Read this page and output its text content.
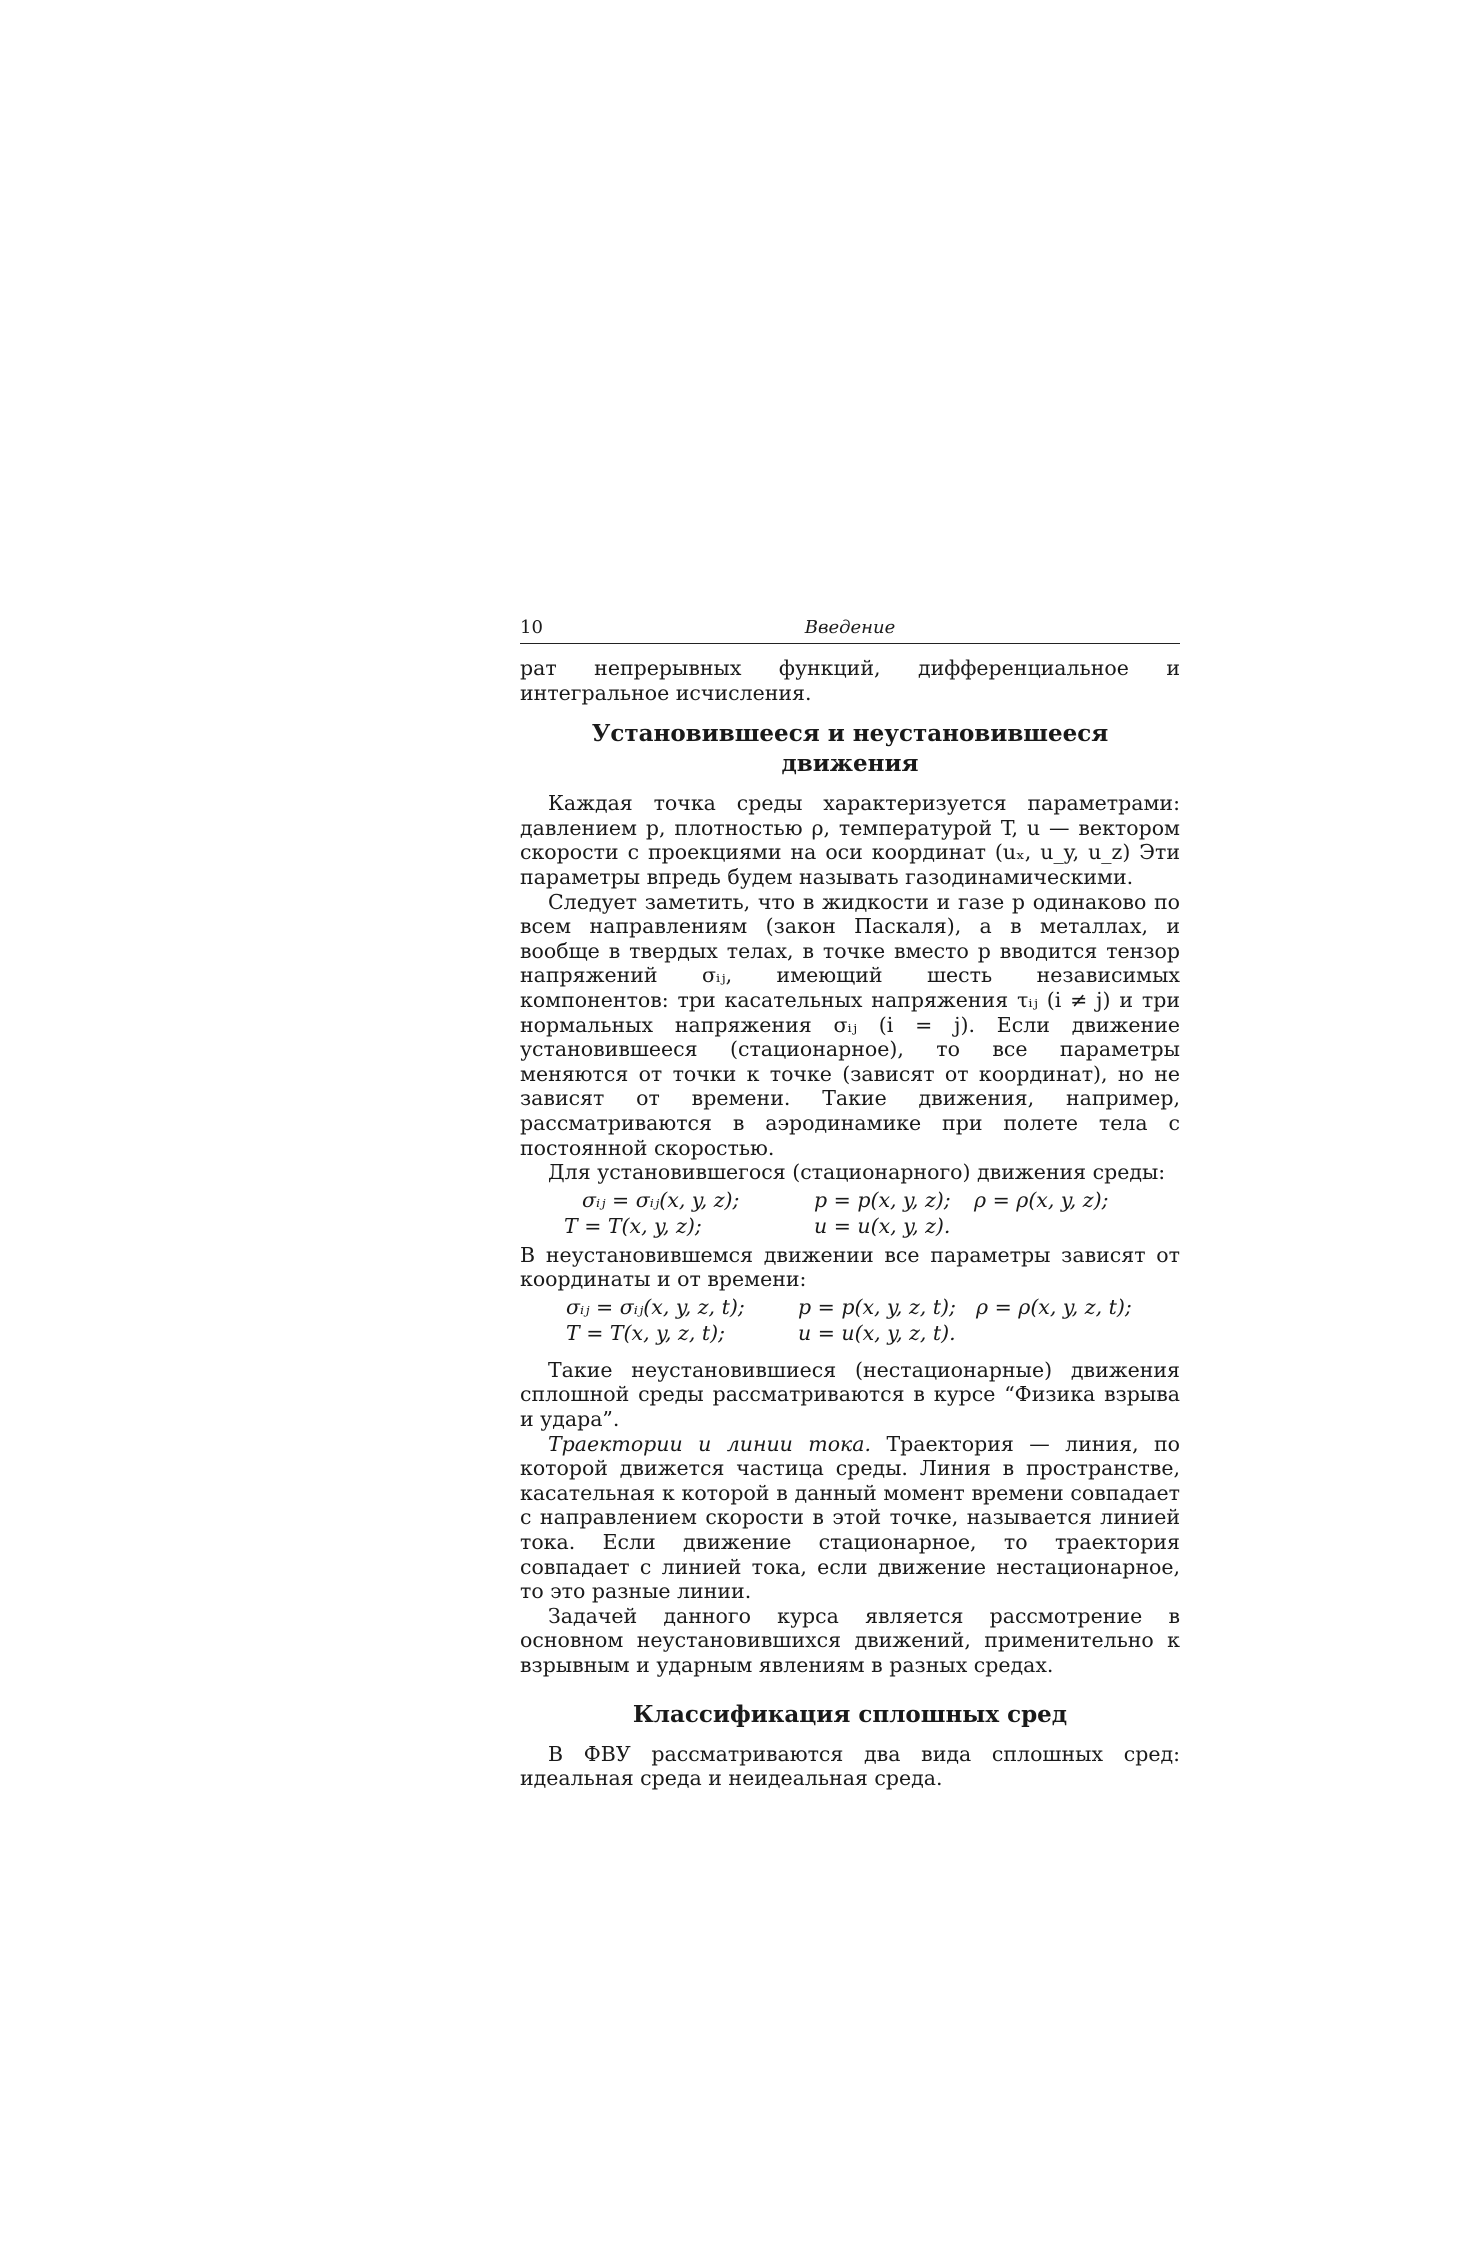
10	Введение

рат непрерывных функций, дифференциальное и интегральное исчисления.

Установившееся и неустановившееся движения

Каждая точка среды характеризуется параметрами: давлением p, плотностью ρ, температурой T, u — вектором скорости с проекциями на оси координат (uₓ, u_y, u_z) Эти параметры впредь будем называть газодинамическими.

Следует заметить, что в жидкости и газе p одинаково по всем направлениям (закон Паскаля), а в металлах, и вообще в твердых телах, в точке вместо p вводится тензор напряжений σᵢⱼ, имеющий шесть независимых компонентов: три касательных напряжения τᵢⱼ (i ≠ j) и три нормальных напряжения σᵢⱼ (i = j). Если движение установившееся (стационарное), то все параметры меняются от точки к точке (зависят от координат), но не зависят от времени. Такие движения, например, рассматриваются в аэродинамике при полете тела с постоянной скоростью.

Для установившегося (стационарного) движения среды:

σᵢⱼ = σᵢⱼ(x, y, z);	p = p(x, y, z);	ρ = ρ(x, y, z);
T = T(x, y, z);	u = u(x, y, z).

В неустановившемся движении все параметры зависят от координаты и от времени:

σᵢⱼ = σᵢⱼ(x, y, z, t);	p = p(x, y, z, t); ρ = ρ(x, y, z, t);
T = T(x, y, z, t);	u = u(x, y, z, t).

Такие неустановившиеся (нестационарные) движения сплошной среды рассматриваются в курсе “Физика взрыва и удара”.

Траектории и линии тока. Траектория — линия, по которой движется частица среды. Линия в пространстве, касательная к которой в данный момент времени совпадает с направлением скорости в этой точке, называется линией тока. Если движение стационарное, то траектория совпадает с линией тока, если движение нестационарное, то это разные линии.

Задачей данного курса является рассмотрение в основном неустановившихся движений, применительно к взрывным и ударным явлениям в разных средах.

Классификация сплошных сред

В ФВУ рассматриваются два вида сплошных сред: идеальная среда и неидеальная среда.
